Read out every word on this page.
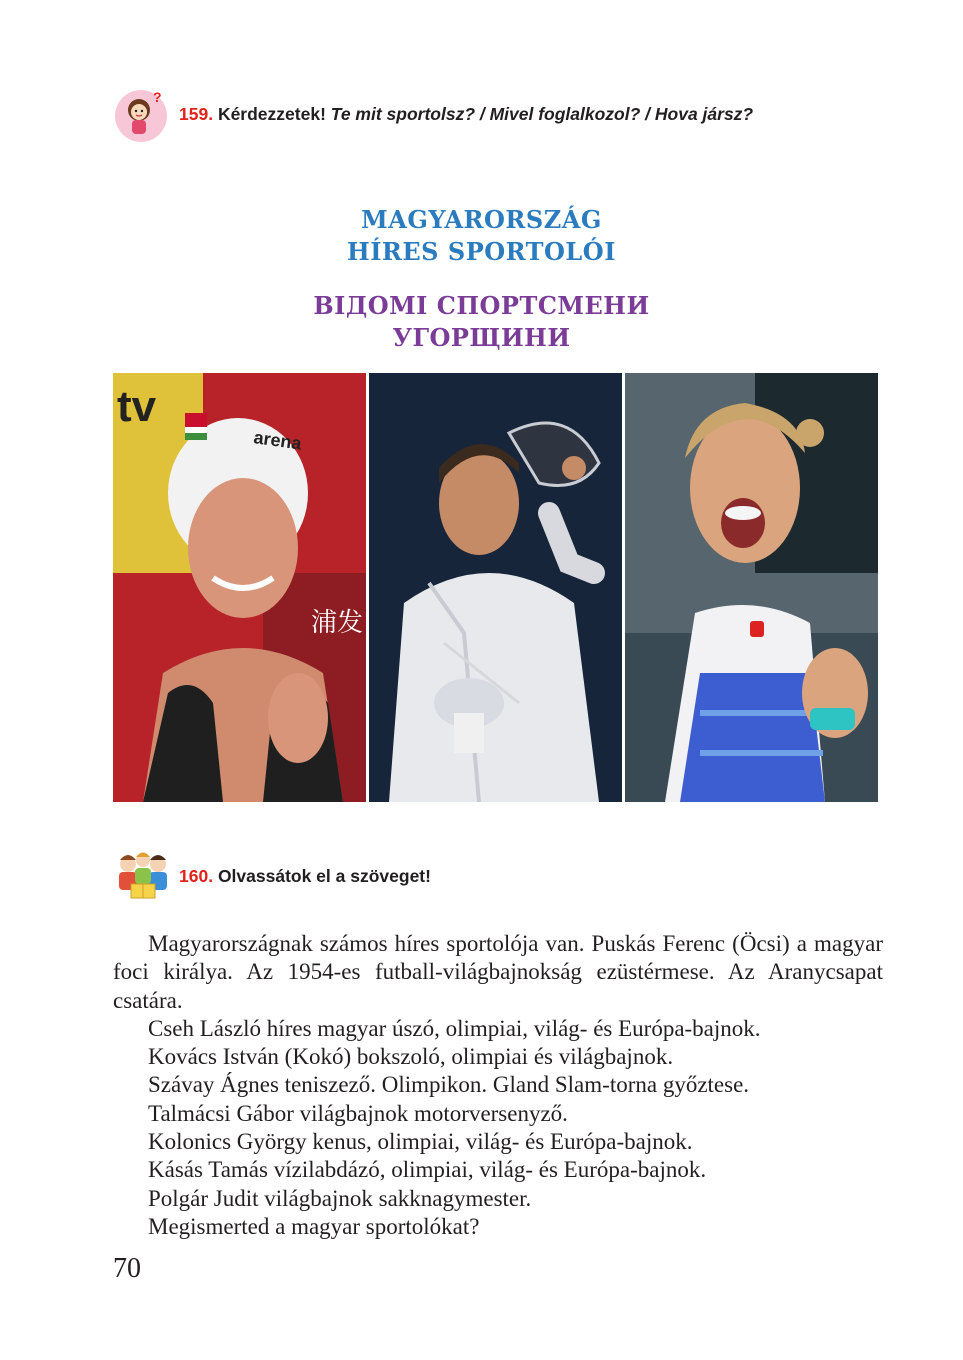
?
159. Kérdezzetek! Te mit sportolsz? / Mivel foglalkozol? / Hova jársz?
MAGYARORSZÁG
HÍRES SPORTOLÓI
ВІДОМІ СПОРТСМЕНИ
УГОРЩИНИ
tv
浦发
arena
160. Olvassátok el a szöveget!

Magyarországnak számos híres sportolója van. Puskás Ferenc (Öcsi) a magyar foci királya. Az 1954-es futball-világbajnokság ezüstérmese. Az Aranycsapat csatára.

Cseh László híres magyar úszó, olimpiai, világ- és Európa-bajnok.

Kovács István (Kokó) bokszoló, olimpiai és világbajnok.

Szávay Ágnes teniszező. Olimpikon. Gland Slam-torna győztese.

Talmácsi Gábor világbajnok motorversenyző.

Kolonics György kenus, olimpiai, világ- és Európa-bajnok.

Kásás Tamás vízilabdázó, olimpiai, világ- és Európa-bajnok.

Polgár Judit világbajnok sakknagymester.

Megismerted a magyar sportolókat?

70
